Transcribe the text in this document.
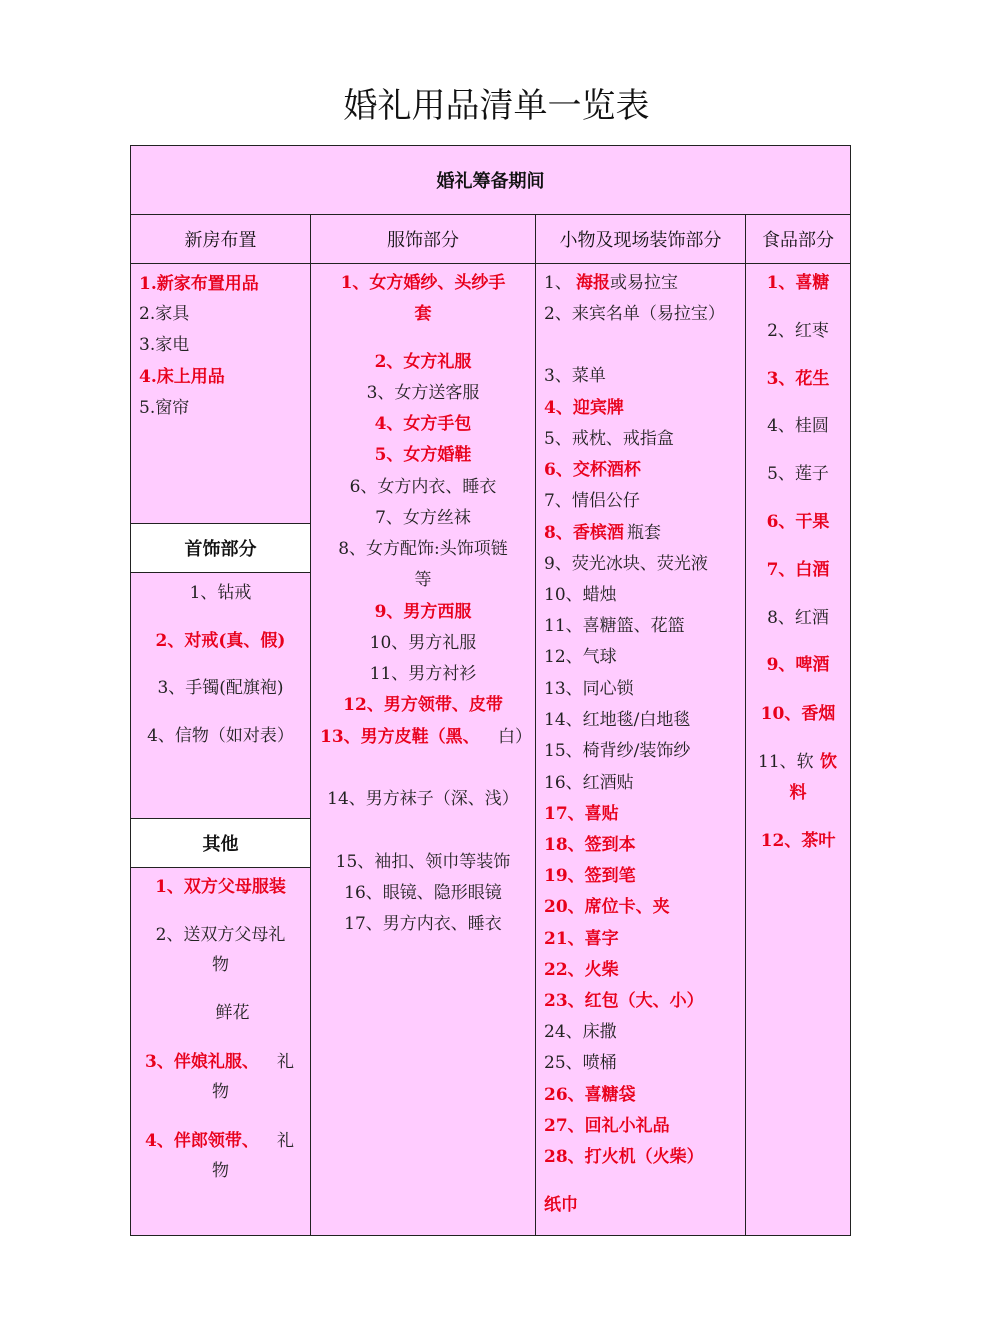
婚礼用品清单一览表
婚礼筹备期间
新房布置	服饰部分	小物及现场装饰部分 食品部分
首饰部分
其他
1.新家布置用品
2.家具
3.家电
4.床上用品
5.窗帘
1、钻戒
2、对戒(真、假)
3、手镯(配旗袍)
4、信物（如对表）
1、双方父母服装
2、送双方父母礼
物
鲜花
3、伴娘礼服、 礼
物
4、伴郎领带、 礼
物
1、女方婚纱、头纱手
套
2、女方礼服
3、女方送客服
4、女方手包
5、女方婚鞋
6、女方内衣、睡衣
7、女方丝袜
8、女方配饰:头饰项链
等
9、男方西服
10、男方礼服
11、男方衬衫
12、男方领带、皮带
13、男方皮鞋（黑、 白）
14、男方袜子（深、浅）
15、袖扣、领巾等装饰
16、眼镜、隐形眼镜
17、男方内衣、睡衣
1、 海报 或易拉宝
2、来宾名单（易拉宝）
3、菜单
4、迎宾牌
5、戒枕、戒指盒
6、交杯酒杯
7、情侣公仔
8、香槟酒 瓶套
9、荧光冰块、荧光液
10、蜡烛
11、喜糖篮、花篮
12、气球
13、同心锁
14、红地毯/白地毯
15、椅背纱/装饰纱
16、红酒贴
17、喜贴
18、签到本
19、签到笔
20、席位卡、夹
21、喜字
22、火柴
23、红包（大、小）
24、床撒
25、喷桶
26、喜糖袋
27、回礼小礼品
28、打火机（火柴）
纸巾
1、喜糖
2、红枣
3、花生
4、桂圆
5、莲子
6、干果
7、白酒
8、红酒
9、啤酒
10、香烟
11、软 饮
料
12、茶叶
